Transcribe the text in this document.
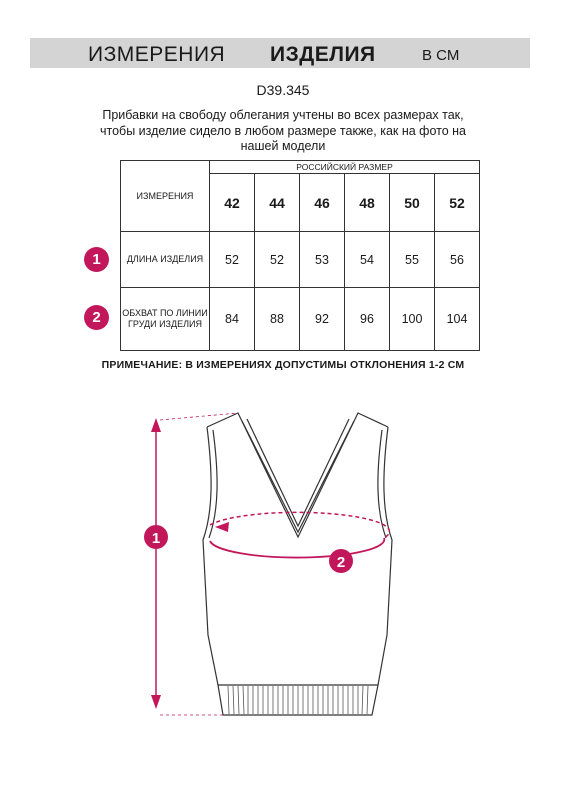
ИЗМЕРЕНИЯ ИЗДЕЛИЯ	В СМ
D39.345
Прибавки на свободу облегания учтены во всех размерах так, чтобы изделие сидело в любом размере также, как на фото на нашей модели
ИЗМЕРЕНИЯ	РОССИЙСКИЙ РАЗМЕР					
	42	44	46	48	50	52
ДЛИНА ИЗДЕЛИЯ	52	52	53	54	55	56
ОБХВАТ ПО ЛИНИИ ГРУДИ ИЗДЕЛИЯ	84	88	92	96	100	104
1
2
ПРИМЕЧАНИЕ: В ИЗМЕРЕНИЯХ ДОПУСТИМЫ ОТКЛОНЕНИЯ 1-2 СМ
1
2
